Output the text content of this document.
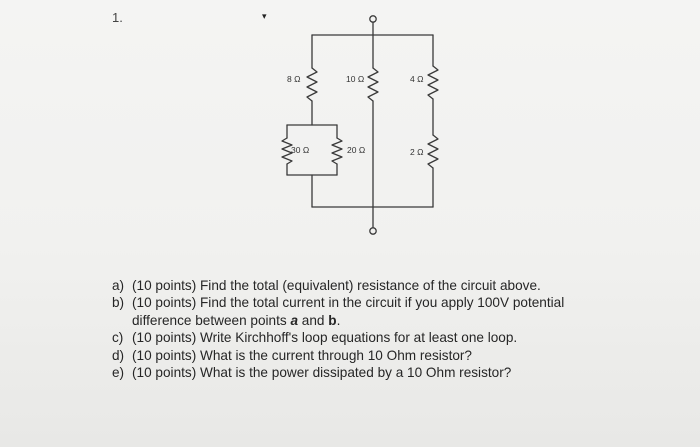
1.	▾
8 Ω	10 Ω	4 Ω
30 Ω	20 Ω	2 Ω
a) (10 points) Find the total (equivalent) resistance of the circuit above.
b) (10 points) Find the total current in the circuit if you apply 100V potential difference between points a and b.
c) (10 points) Write Kirchhoff's loop equations for at least one loop.
d) (10 points) What is the current through 10 Ohm resistor?
e) (10 points) What is the power dissipated by a 10 Ohm resistor?
